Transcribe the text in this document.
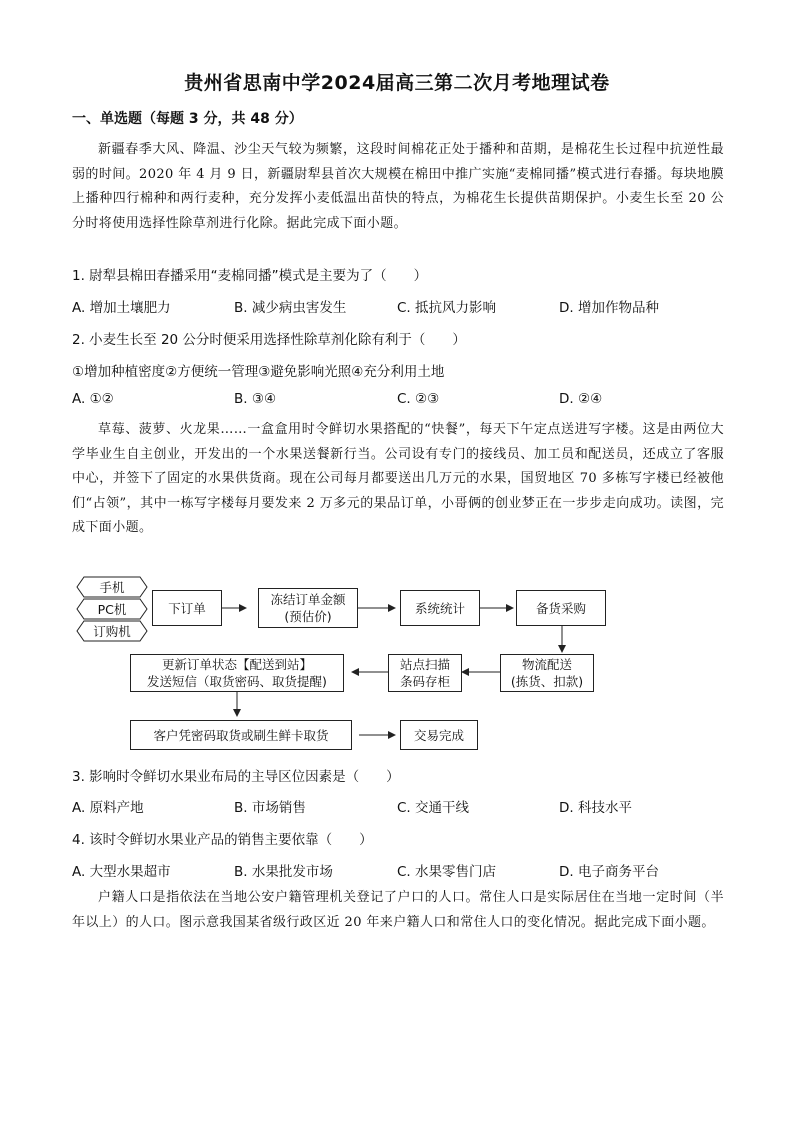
贵州省思南中学2024届高三第二次月考地理试卷
一、单选题（每题 3 分，共 48 分）
新疆春季大风、降温、沙尘天气较为频繁，这段时间棉花正处于播种和苗期，是棉花生长过程中抗逆性最弱的时间。2020 年 4 月 9 日，新疆尉犁县首次大规模在棉田中推广实施“麦棉同播”模式进行春播。每块地膜上播种四行棉种和两行麦种，充分发挥小麦低温出苗快的特点，为棉花生长提供苗期保护。小麦生长至 20 公分时将使用选择性除草剂进行化除。据此完成下面小题。
1. 尉犁县棉田春播采用“麦棉同播”模式是主要为了（　　）
A. 增加土壤肥力	B. 减少病虫害发生	C. 抵抗风力影响	D. 增加作物品种
2. 小麦生长至 20 公分时便采用选择性除草剂化除有利于（　　）
①增加种植密度②方便统一管理③避免影响光照④充分利用土地
A. ①②	B. ③④	C. ②③	D. ②④
草莓、菠萝、火龙果……一盒盒用时令鲜切水果搭配的“快餐”，每天下午定点送进写字楼。这是由两位大学毕业生自主创业，开发出的一个水果送餐新行当。公司设有专门的接线员、加工员和配送员，还成立了客服中心，并签下了固定的水果供货商。现在公司每月都要送出几万元的水果，国贸地区 70 多栋写字楼已经被他们“占领”，其中一栋写字楼每月要发来 2 万多元的果品订单，小哥俩的创业梦正在一步步走向成功。读图，完成下面小题。
手机
PC机
订购机
下订单
冻结订单金额
(预估价)
系统统计	备货采购
物流配送
(拣货、扣款)
站点扫描
条码存柜
更新订单状态【配送到站】
发送短信（取货密码、取货提醒)
客户凭密码取货或刷生鲜卡取货	交易完成
3. 影响时令鲜切水果业布局的主导区位因素是（　　）
A. 原料产地	B. 市场销售	C. 交通干线	D. 科技水平
4. 该时令鲜切水果业产品的销售主要依靠（　　）
A. 大型水果超市	B. 水果批发市场	C. 水果零售门店	D. 电子商务平台
户籍人口是指依法在当地公安户籍管理机关登记了户口的人口。常住人口是实际居住在当地一定时间（半年以上）的人口。图示意我国某省级行政区近 20 年来户籍人口和常住人口的变化情况。据此完成下面小题。
